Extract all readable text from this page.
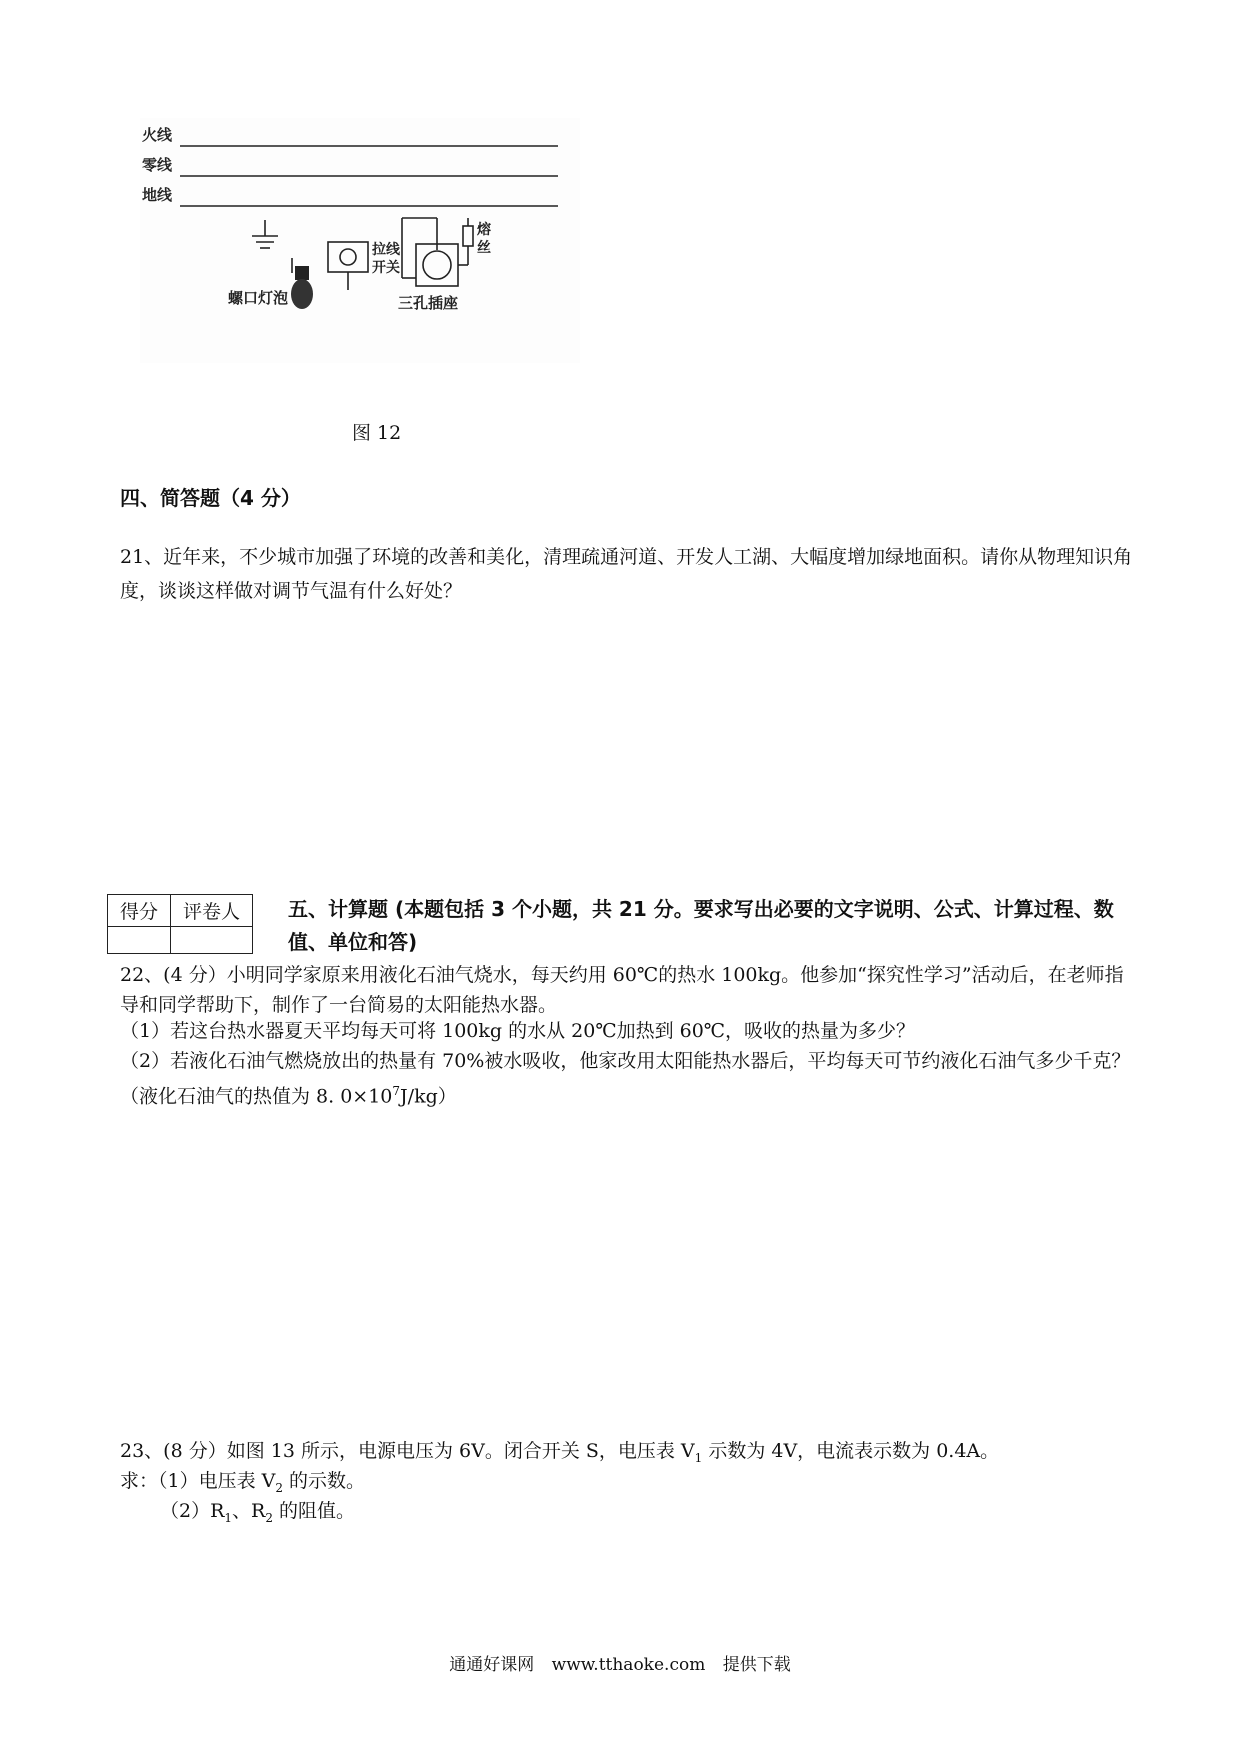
火线
零线
地线
拉线
开关
熔
丝
螺口灯泡	三孔插座
图 12
四、简答题（4 分）
21、近年来，不少城市加强了环境的改善和美化，清理疏通河道、开发人工湖、大幅度增加绿地面积。请你从物理知识角度，谈谈这样做对调节气温有什么好处？
得分	评卷人
	五、计算题 (本题包括 3 个小题，共 21 分。要求写出必要的文字说明、公式、计算过程、数值、单位和答)
22、(4 分）小明同学家原来用液化石油气烧水，每天约用 60℃的热水 100kg。他参加“探究性学习”活动后，在老师指导和同学帮助下，制作了一台简易的太阳能热水器。
（1）若这台热水器夏天平均每天可将 100kg 的水从 20℃加热到 60℃，吸收的热量为多少？
（2）若液化石油气燃烧放出的热量有 70%被水吸收，他家改用太阳能热水器后，平均每天可节约液化石油气多少千克？（液化石油气的热值为 8. $0\times 10^7J/kg$）
23、(8 分）如图 13 所示，电源电压为 6V。闭合开关 S，电压表 $V_1$ 示数为 4V，电流表示数为 0.4A。
求：（1）电压表 $V_2$ 的示数。
$(2)R_1$、$R_2$ 的阻值。
通通好课网 www.tthaoke.com 提供下载
